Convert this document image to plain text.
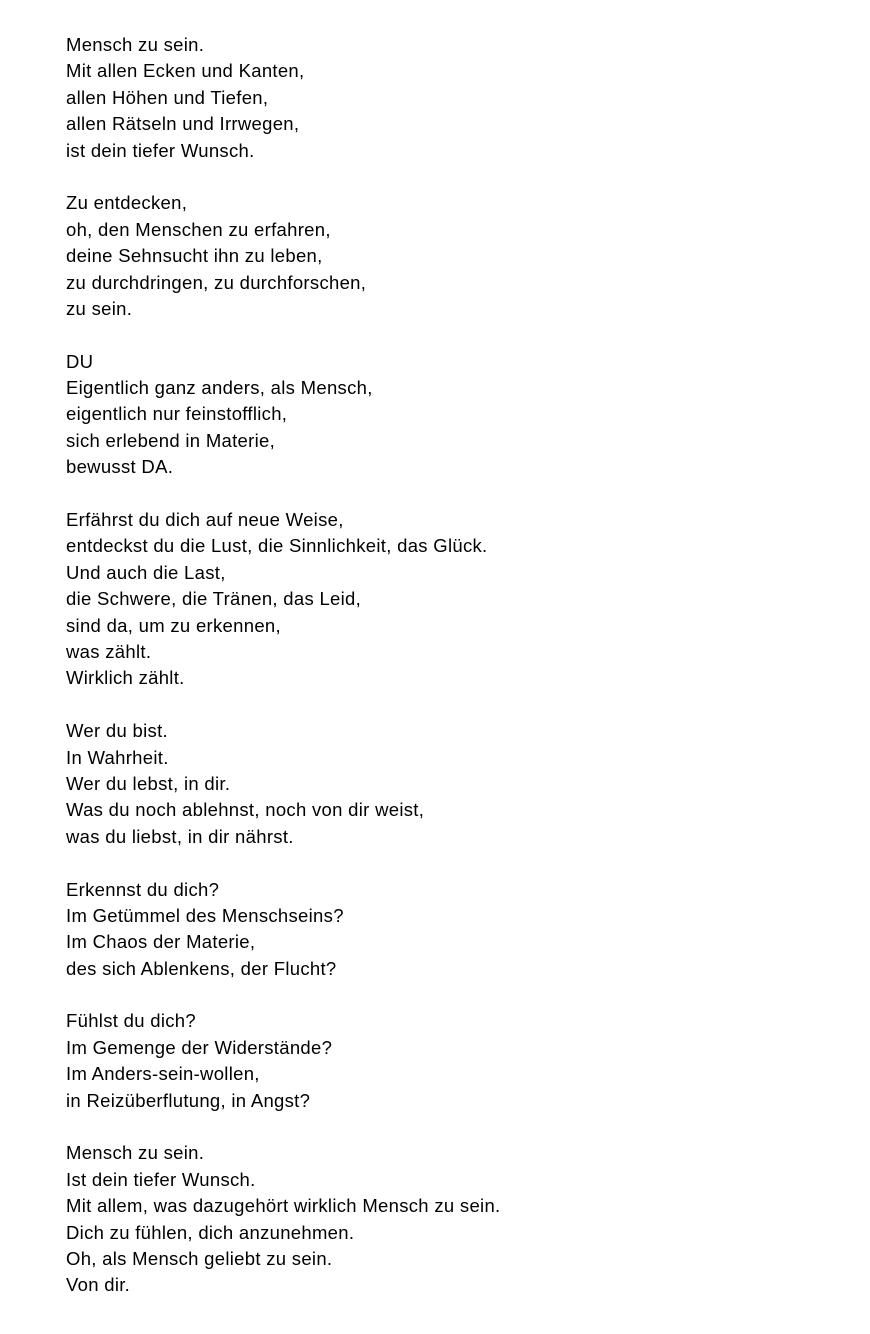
Mensch zu sein.
Mit allen Ecken und Kanten,
allen Höhen und Tiefen,
allen Rätseln und Irrwegen,
ist dein tiefer Wunsch.
Zu entdecken,
oh, den Menschen zu erfahren,
deine Sehnsucht ihn zu leben,
zu durchdringen, zu durchforschen,
zu sein.
DU
Eigentlich ganz anders, als Mensch,
eigentlich nur feinstofflich,
sich erlebend in Materie,
bewusst DA.
Erfährst du dich auf neue Weise,
entdeckst du die Lust, die Sinnlichkeit, das Glück.
Und auch die Last,
die Schwere, die Tränen, das Leid,
sind da, um zu erkennen,
was zählt.
Wirklich zählt.
Wer du bist.
In Wahrheit.
Wer du lebst, in dir.
Was du noch ablehnst, noch von dir weist,
was du liebst, in dir nährst.
Erkennst du dich?
Im Getümmel des Menschseins?
Im Chaos der Materie,
des sich Ablenkens, der Flucht?
Fühlst du dich?
Im Gemenge der Widerstände?
Im Anders-sein-wollen,
in Reizüberflutung, in Angst?
Mensch zu sein.
Ist dein tiefer Wunsch.
Mit allem, was dazugehört wirklich Mensch zu sein.
Dich zu fühlen, dich anzunehmen.
Oh, als Mensch geliebt zu sein.
Von dir.
